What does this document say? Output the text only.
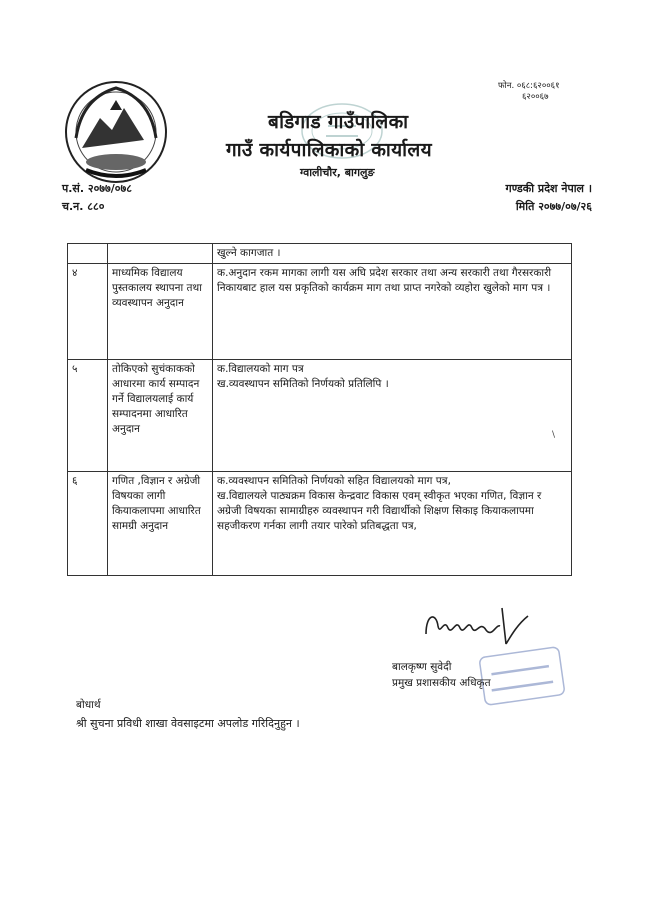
बडिगाड गाउँपालिका
गाउँ कार्यपालिकाको कार्यालय
ग्वालीचौर, बागलुङ
फोन. ०६८:६२००६१
६२००६७
प.सं. २०७७/०७८
च.न. ८८०
गण्डकी प्रदेश नेपाल ।
मिति २०७७/०७/२६
		खुल्ने कागजात ।
४	माध्यमिक विद्यालय पुस्तकालय स्थापना तथा व्यवस्थापन अनुदान	क.अनुदान रकम मागका लागी यस अघि प्रदेश सरकार तथा अन्य सरकारी तथा गैरसरकारी निकायबाट हाल यस प्रकृतिको कार्यक्रम माग तथा प्राप्त नगरेको व्यहोरा खुलेको माग पत्र ।
५	तोकिएको सुचंकाकको आधारमा कार्य सम्पादन गर्ने विद्यालयलाई कार्य सम्पादनमा आधारित अनुदान	क.विद्यालयको माग पत्र
ख.व्यवस्थापन समितिको निर्णयको प्रतिलिपि ।

६	गणित ,विज्ञान र अग्रेजी विषयका लागी कियाकलापमा आधारित सामग्री अनुदान	क.व्यवस्थापन समितिको निर्णयको सहित विद्यालयको माग पत्र,
ख.विद्यालयले पाठ्यक्रम विकास केन्द्रवाट विकास एवम् स्वीकृत भएका गणित, विज्ञान र अग्रेजी विषयका सामाग्रीहरु व्यवस्थापन गरी विद्यार्थीको शिक्षण सिकाइ कियाकलापमा सहजीकरण गर्नका लागी तयार पारेको प्रतिबद्धता पत्र,
\
बालकृष्ण सुवेदी
प्रमुख प्रशासकीय अधिकृत
बोधार्थ
श्री सुचना प्रविधी शाखा वेवसाइटमा अपलोड गरिदिनुहुन ।
